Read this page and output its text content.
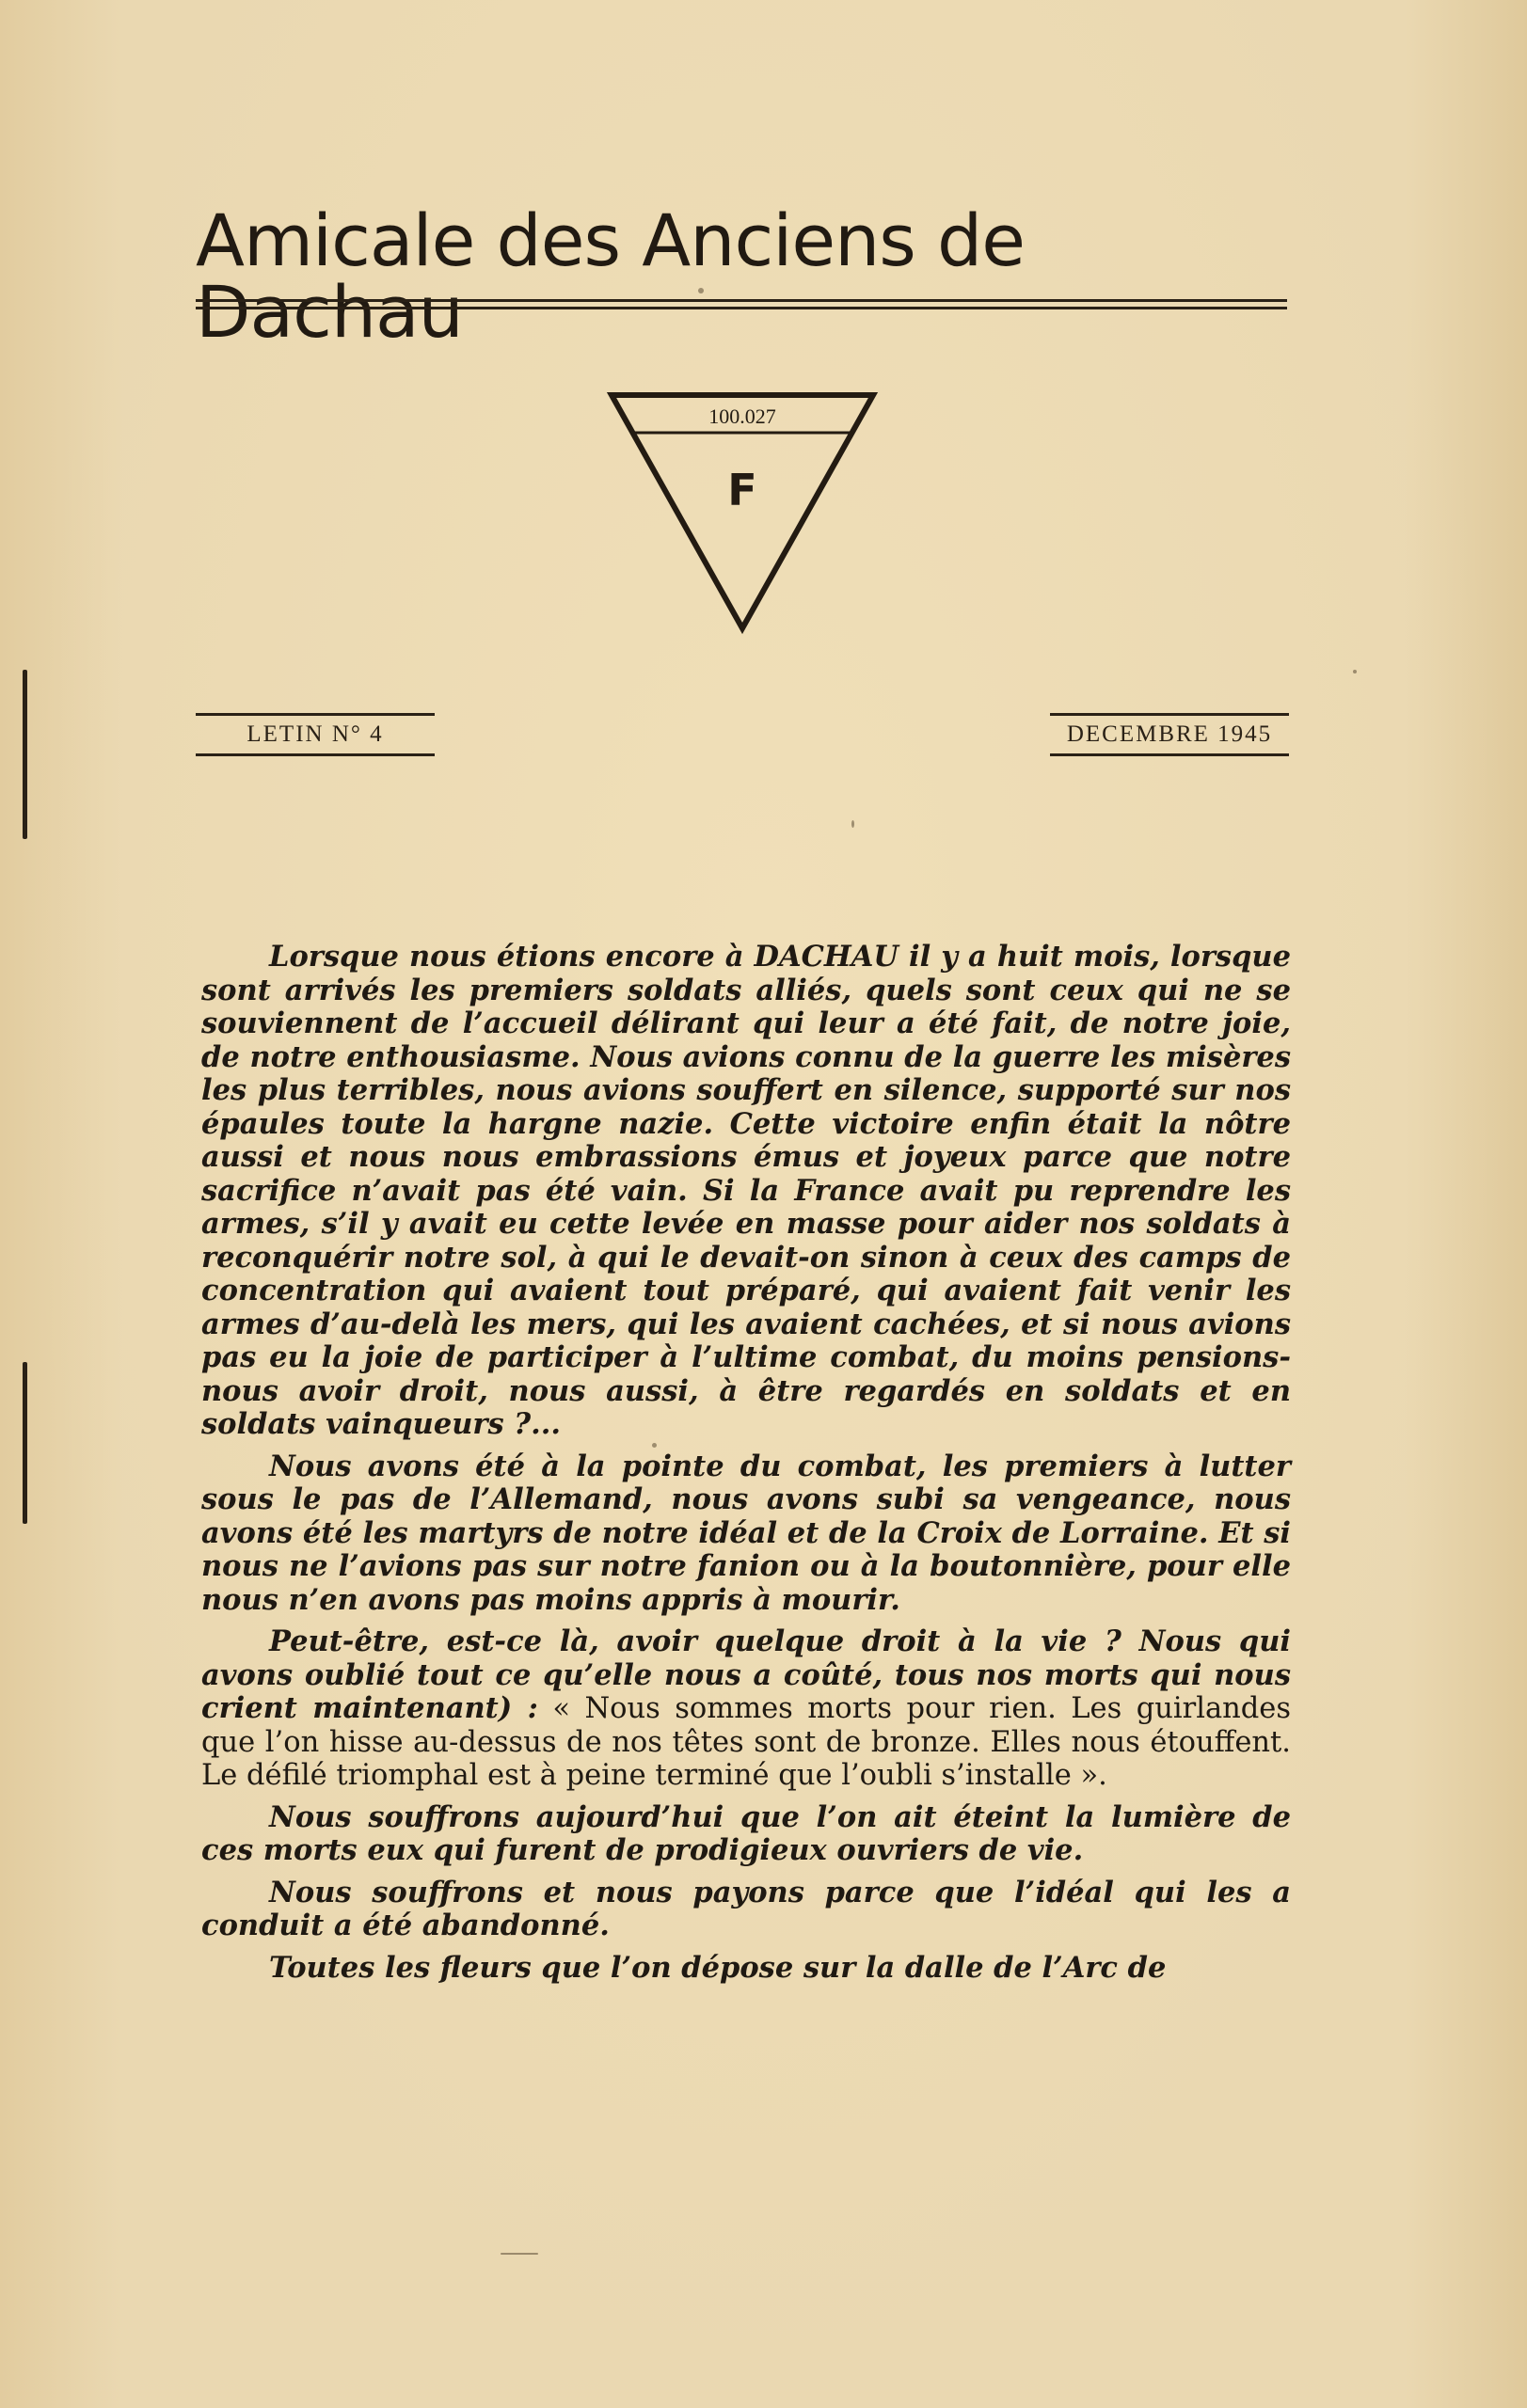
Amicale des Anciens de Dachau
100.027
F
LETIN N° 4	DECEMBRE 1945

Lorsque nous étions encore à DACHAU il y a huit mois, lorsque sont arrivés les premiers soldats alliés, quels sont ceux qui ne se souviennent de l’accueil délirant qui leur a été fait, de notre joie, de notre enthousiasme. Nous avions connu de la guerre les misères les plus terribles, nous avions souffert en silence, supporté sur nos épaules toute la hargne nazie. Cette victoire enfin était la nôtre aussi et nous nous embrassions émus et joyeux parce que notre sacrifice n’avait pas été vain. Si la France avait pu reprendre les armes, s’il y avait eu cette levée en masse pour aider nos soldats à reconquérir notre sol, à qui le devait-on sinon à ceux des camps de concentration qui avaient tout préparé, qui avaient fait venir les armes d’au-delà les mers, qui les avaient cachées, et si nous avions pas eu la joie de participer à l’ultime combat, du moins pensions-nous avoir droit, nous aussi, à être regardés en soldats et en soldats vainqueurs ?...

Nous avons été à la pointe du combat, les premiers à lutter sous le pas de l’Allemand, nous avons subi sa vengeance, nous avons été les martyrs de notre idéal et de la Croix de Lorraine. Et si nous ne l’avions pas sur notre fanion ou à la boutonnière, pour elle nous n’en avons pas moins appris à mourir.

Peut-être, est-ce là, avoir quelque droit à la vie ? Nous qui avons oublié tout ce qu’elle nous a coûté, tous nos morts qui nous crient maintenant) : « Nous sommes morts pour rien. Les guirlandes que l’on hisse au-dessus de nos têtes sont de bronze. Elles nous étouffent. Le défilé triomphal est à peine terminé que l’oubli s’installe ».

Nous souffrons aujourd’hui que l’on ait éteint la lumière de ces morts eux qui furent de prodigieux ouvriers de vie.

Nous souffrons et nous payons parce que l’idéal qui les a conduit a été abandonné.

Toutes les fleurs que l’on dépose sur la dalle de l’Arc de
